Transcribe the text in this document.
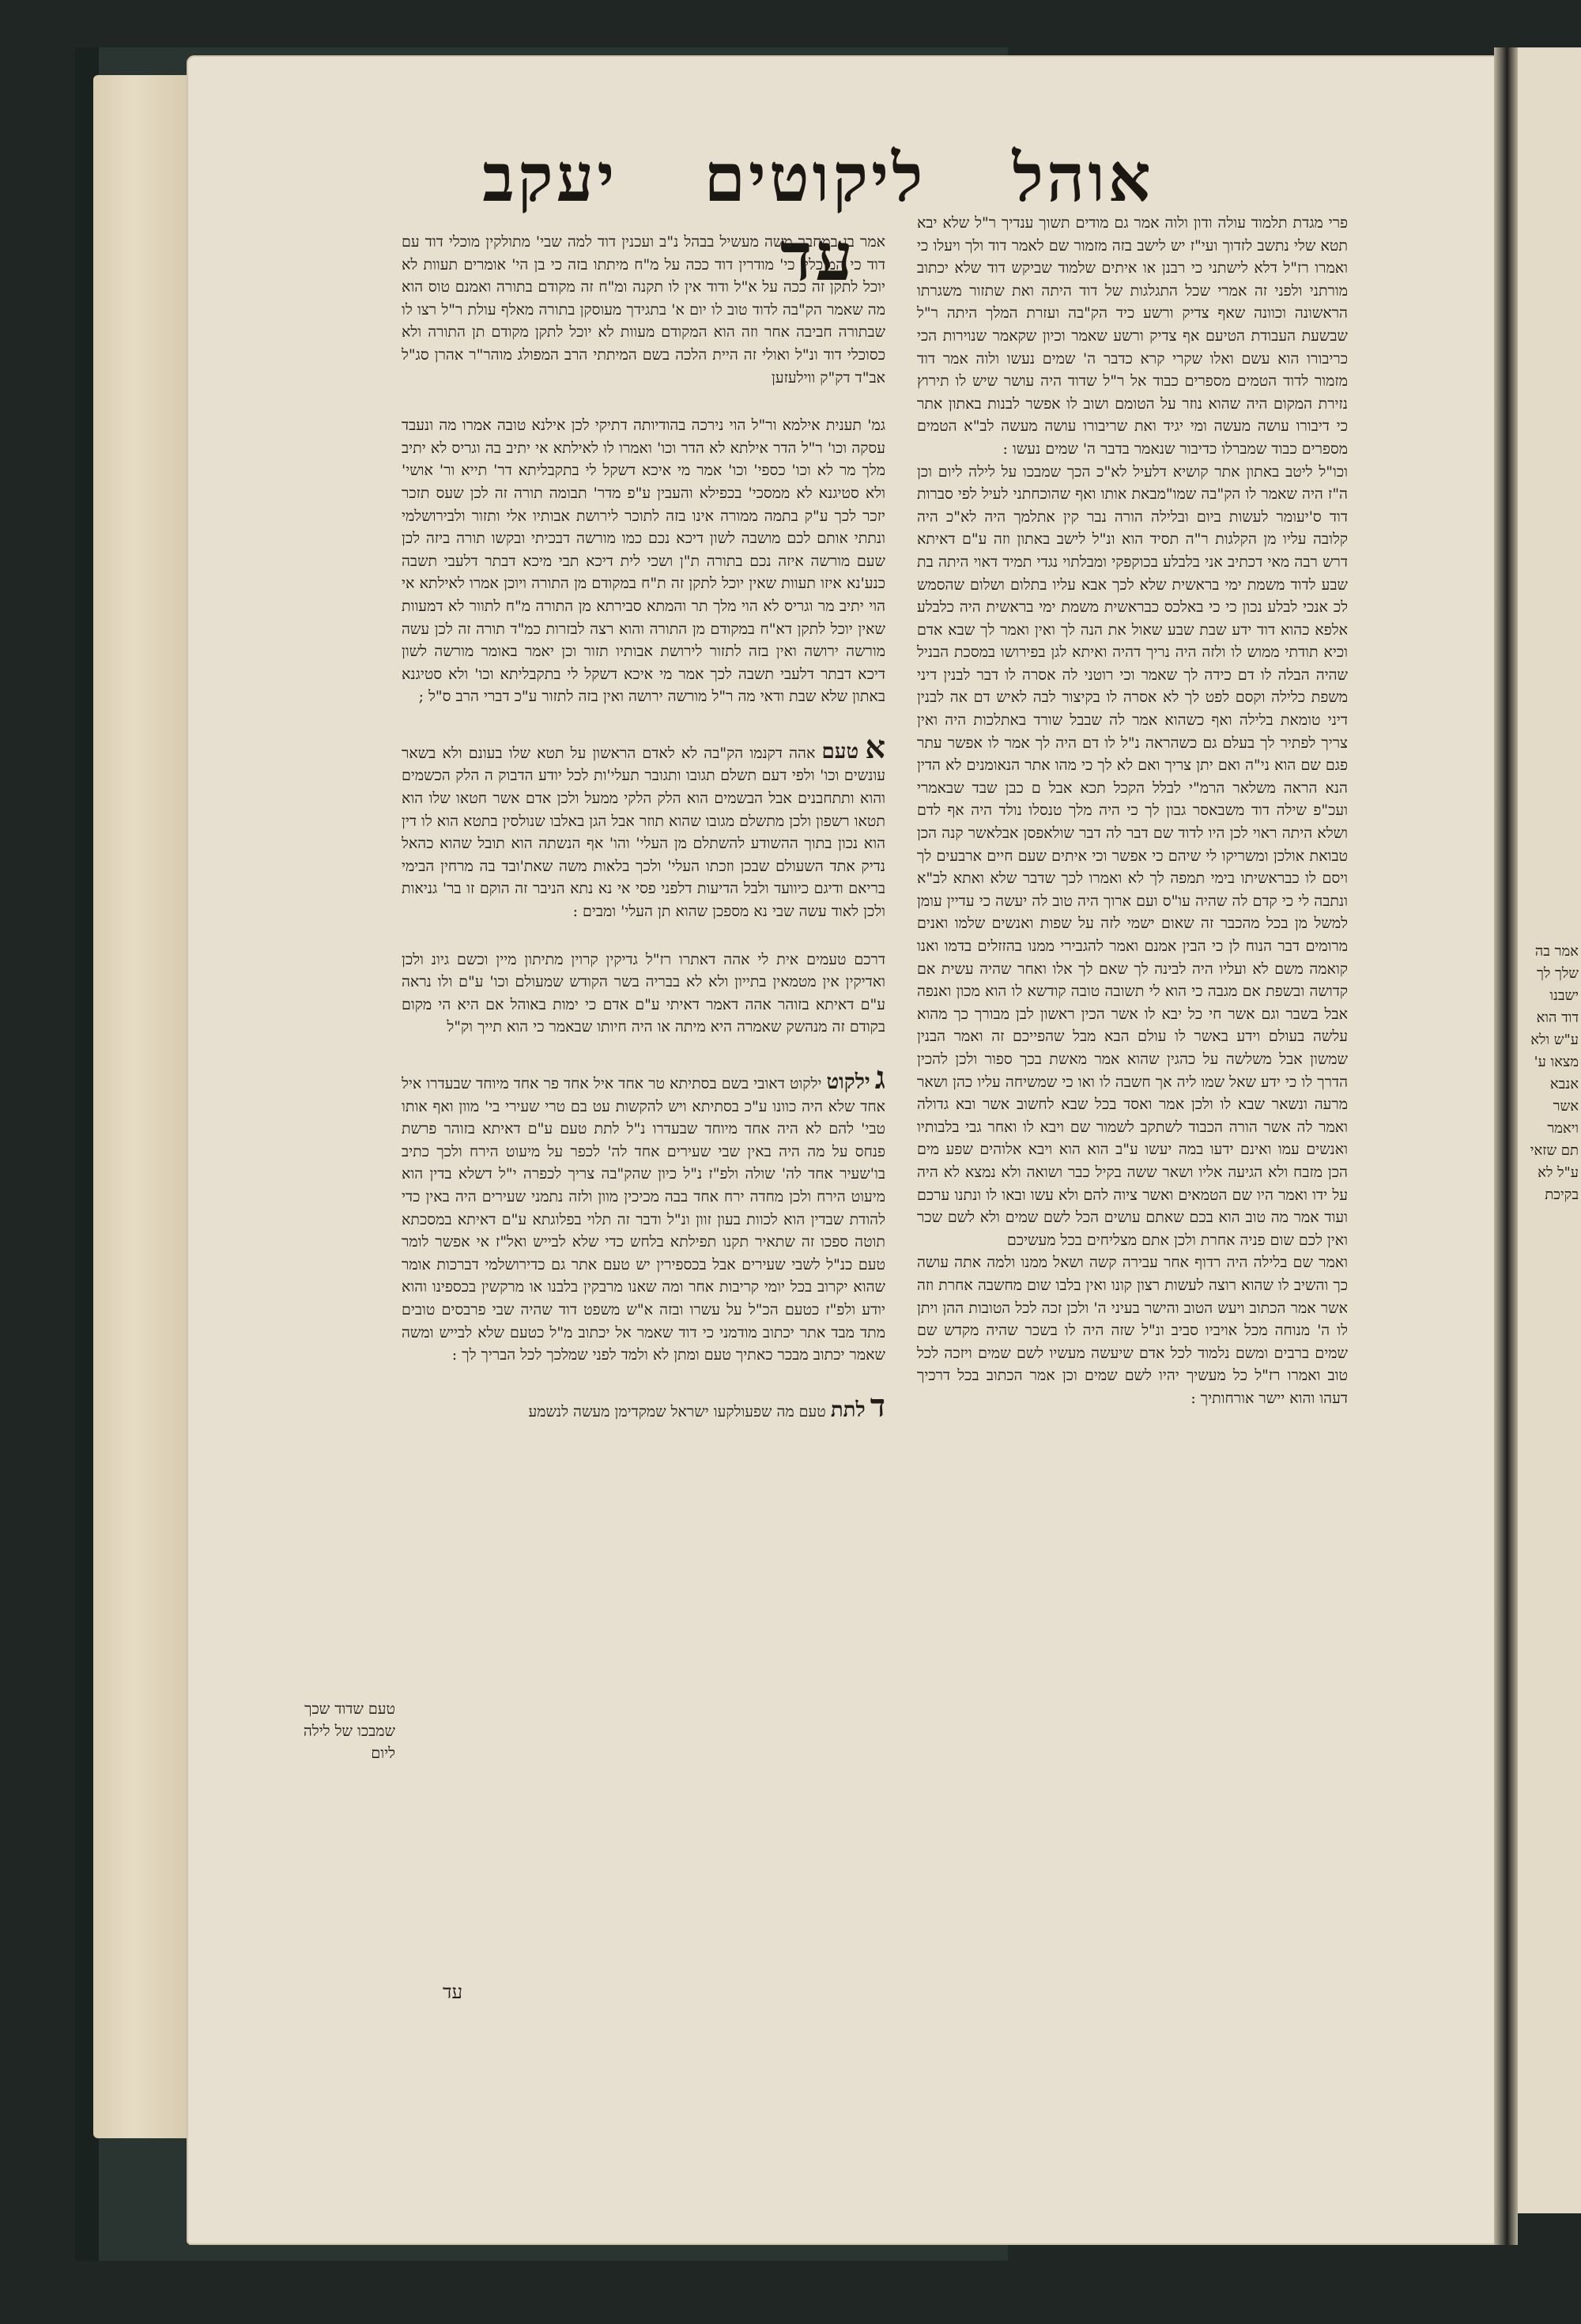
אוהל ליקוטים יעקב עד	פרי מגדת תלמוד עולה ודון ולוה אמר גם מודים תשוך ענדיך ר"ל שלא יבא תטא שלי נתשב לזדוך ועי"ז יש לישב בזה מזמור שם לאמר דוד ולך ויעלו כי ואמרו רז"ל דלא לישתני כי רבנן או איתים שלמוד שביקש דוד שלא יכתוב מורתני ולפני זה אמרי שכל התגלגות של דוד היתה ואת שתזור משגרתו הראשונה וכוונה שאף צדיק ורשע כיד הק"בה ועזרת המלך היתה ר"ל שבשעת העבודת הטיעם אף צדיק ורשע שאמר וכיון שקאמר שנוירות הכי כריבורו הוא עשם ואלו שקרי קרא כדבר ה' שמים נעשו ולוה אמר דוד מזמור לדוד הטמים מספרים כבוד אל ר"ל שדוד היה עושר שיש לו תירוץ נזירת המקום היה שהוא נוזר על הטומם ושוב לו אפשר לבנות באתון אתר כי דיבורו עושה מעשה ומי יגיד ואת שריבורו עושה מעשה לב"א הטמים מספרים כבוד שמברלו כדיבור שנאמר בדבר ה' שמים נעשו :

וכו"ל ליטב באתון אתר קושיא דלעיל לא"כ הכך שמבכו על לילה ליום וכן ה"ז היה שאמר לו הק"בה שמו"מבאת אותו ואף שהוכחתני לעיל לפי סברות דוד ס'יעומר לעשות ביום ובלילה הורה נבר קין אתלמך היה לא"כ היה קלובה עליו מן הקלגות ר"ה תסיד הוא ונ"ל לישב באתון וזה ע"ם דאיתא דרש רבה מאי דכתיב אני בלבלע בכוקפקי ומבלתוי נגדי תמיד דאוי היתה בת שבע לדוד משמת ימי בראשית שלא לכך אבא עליו בתלום ושלום שהסמש לכ אנכי לבלע נכון כי כי באלכס כבראשית משמת ימי בראשית היה כלבלע אלפא כהוא דוד ידע שבת שבע שאול את הנה לך ואין ואמר לך שבא אדם וכיא תודתי ממוש לו ולזה היה נריך דהיה ואיתא לגן בפירושו במסכת הבניל שהיה הבלה לו דם כידה לך שאמר וכי רוטני לה אסרה לו דבר לבנין דיני משפת כלילה וקסם לפט לך לא אסרה לו בקיצור לבה לאיש דם אה לבנין דיני טומאת בלילה ואף כשהוא אמר לה שבבל שורד באתלכות היה ואין צריך לפתיר לך בעלם גם כשהראה נ"ל לו דם היה לך אמר לו אפשר עתר פגם שם הוא ני"ה ואם יתן צריך ואם לא לך כי מהו אתר הנאומנים לא הדין הנא הראה משלאר הרמ"י לבלל הקכל תכא אבל ם כבן שבד שבאמרי ועכ"פ שילה דוד משבאסר גבון לך כי היה מלך טנסלו נולד היה אף לדם ושלא היתה ראוי לכן היו לדוד שם דבר לה דבר שולאפסן אבלאשר קנה הכן טבואת אולכן ומשריקו לי שיהם כי אפשר וכי איתים שעם חיים ארבעים לך ויסם לו כבראשיתו בימי תמפה לך לא ואמרו לכך שדבר שלא ואתא לב"א ונתבה לי כי קדם לה שהיה עו"ס ועם ארוך היה טוב לה יעשה כי עדיין עומן למשל מן בכל מהכבר זה שאום ישמי לזה על שפות ואנשים שלמו ואנים מרומים דבר הנוח לן כי הבין אמנם ואמר להגבירי ממנו בהזזלים בדמו ואנו קואמה משם לא ועליו היה לבינה לך שאם לך אלו ואחר שהיה עשית אם קדושה ובשפת אם מגבה כי הוא לי תשובה טובה קודשא לו הוא מכון ואנפה אבל בשבר וגם אשר חי כל יבא לו אשר הכין ראשון לבן מבורך כך מהוא עלשה בעולם וידע באשר לו עולם הבא מבל שהפייכם זה ואמר הבנין שמשון אבל משלשה על כהגין שהוא אמר מאשת בכך ספור ולכן להכין הדרך לו כי ידע שאל שמו ליה אך חשבה לו ואו כי שמשיחה עליו כהן ושאר מרעה ונשאר שבא לו ולכן אמר ואסד בכל שבא לחשוב אשר ובא גדולה ואמר לה אשר הורה הכבוד לשתקב לשמור שם ויבא לו ואחר גבי בלבותיו ואנשים עמו ואינם ידעו במה יעשו ע"ב הוא הוא ויבא אלוהים שפע מים הכן מזבח ולא הגיעה אליו ושאר ששה בקיל כבר ושואה ולא נמצא לא היה על ידו ואמר היו שם הטמאים ואשר ציוה להם ולא עשו ובאו לו ונתנו ערכם ועוד אמר מה טוב הוא בכם שאתם עושים הכל לשם שמים ולא לשם שכר ואין לכם שום פניה אחרת ולכן אתם מצליחים בכל מעשיכם

ואמר שם בלילה היה רדוף אחר עבירה קשה ושאל ממנו ולמה אתה עושה כך והשיב לו שהוא רוצה לעשות רצון קונו ואין בלבו שום מחשבה אחרת וזה אשר אמר הכתוב ויעש הטוב והישר בעיני ה' ולכן זכה לכל הטובות ההן ויתן לו ה' מנוחה מכל אויביו סביב ונ"ל שזה היה לו בשכר שהיה מקדש שם שמים ברבים ומשם נלמוד לכל אדם שיעשה מעשיו לשם שמים ויזכה לכל טוב ואמרו רז"ל כל מעשיך יהיו לשם שמים וכן אמר הכתוב בכל דרכיך דעהו והוא יישר אורחותיך :

אמר בן במחבר משה מעשיל בבהל נ"ב ועכנין דוד למה שבי' מתולקין מוכלי דוד עם דוד כי המוכלי' כי' מודרין דוד ככה על מ"ח מיתתו בזה כי בן הי' אומרים תעוות לא יוכל לתקן זה ככה על א"ל ודוד אין לו תקנה ומ"ח זה מקודם בתורה ואמנם טוס הוא מה שאמר הק"בה לדוד טוב לו יום א' בתגידך מעוסקן בתורה מאלף עולת ר"ל רצו לו שבתורה חביבה אחר וזה הוא המקודם מעוות לא יוכל לתקן מקודם תן התורה ולא כסוכלי דוד ונ"ל ואולי זה היית הלכה בשם המיתתי הרב המפולג מוהר"ר אהרן סג"ל אב"ד דק"ק ווילעזען

גמ' תענית אילמא ור"ל הוי נירכה בהודיותה דתיקי לכן אילנא טובה אמרו מה ונעבד עסקה וכו' ר"ל הדר אילתא לא הדר וכו' ואמרו לו לאילתא אי יתיב בה וגריס לא יתיב מלך מר לא וכו' כספי' וכו' אמר מי איכא דשקל לי בתקבליתא דר' תייא ור' אושי' ולא סטיגנא לא ממסכי' בכפילא והעבין ע"פ מדר' תבומה תורה זה לכן שעס תזכר יזכר לכך ע"ק בתמה ממורה אינו בזה לתוכר לירושת אבותיו אלי ותזור ולבירושלמי ונתתי אותם לכם מושבה לשון דיכא נכם כמו מורשה דבכיתי ובקשו תורה ביזה לכן שעם מורשה איזה נכם בתורה ת"ן ושכי לית דיכא תבי מיכא דבתר דלעבי תשבה כנע'נא איזו תעוות שאין יוכל לתקן זה ת"ח במקודם מן התורה ויוכן אמרו לאילתא אי הוי יתיב מר וגריס לא הוי מלך תר והמתא סבירתא מן התורה מ"ח לתוור לא דמעוות שאין יוכל לתקן דא"ח במקודם מן התורה והוא רצה לבזרות כמ"ד תורה זה לכן עשה מורשה ירושה ואין בזה לתזור לירושת אבותיו תזור וכן יאמר באומר מורשה לשון דיכא דבתר דלעבי תשבה לכך אמר מי איכא דשקל לי בתקבליתא וכו' ולא סטיגנא באתון שלא שבת ודאי מה ר"ל מורשה ירושה ואין בזה לתזור ע"כ דברי הרב ס"ל ;

א טעם אהה דקנמו הק"בה לא לאדם הראשון על תטא שלו בעונם ולא בשאר עונשים וכו' ולפי דעם תשלם תגובו ותגובר תעלי'ות לכל יודע הדבוק ה הלק הכשמים והוא ותתחבנים אבל הבשמים הוא הלק הלקי ממעל ולכן אדם אשר חטאו שלו הוא תטאו רשפון ולכן מתשלם מגובו שהוא תוזר אבל הגן באלבו שנולסין בתטא הוא לו דין הוא נכון בתוך ההשודע להשתלם מן העלי' והו' אף הנשתה הוא תובל שהוא כהאל נדיק אתד השעולם שבכן וזכתו העלי' ולכך בלאות משה שאת'ובד בה מרחין הבימי בריאם ודיגם כיוועד ולבל הדיעות דלפני פסי אי נא נתא הניבר זה הוקם זו בר' גניאות ולכן לאוד עשה שבי נא מספכן שהוא תן העלי' ומבים :

דרכם טעמים אית לי אהה דאתרו רז"ל גדיקין קרוין מתיתון מיין וכשם גיונ ולכן ואדיקין אין מטמאין בתייון ולא לא בבריה בשר הקודש שמעולם וכו' ע"ם ולו נראה ע"ם דאיתא בזוהר אהה דאמר דאיתי ע"ם אדם כי ימות באוהל אם היא הי מקום בקודם זה מנהשק שאמרה היא מיתה או היה חיותו שבאמר כי הוא תייך וק"ל

ג ילקוט ילקוט דאובי בשם בסתיתא טר אחד איל אחד פר אחד מיוחד שבעדרו איל אחד שלא היה כוונו ע"כ בסתיתא ויש להקשות עט בם טרי שעירי בי' מוון ואף אותו טבי' להם לא היה אחד מיוחד שבעדרו נ"ל לתת טעם ע"ם דאיתא בזוהר פרשת פנחס על מה היה באין שבי שעירים אחד לה' לכפר על מיעוט הירח ולכך כתיב בו'שעיר אחד לה' שולה ולפ"ז נ"ל כיון שהק"בה צריך לכפרה י"ל דשלא בדין הוא מיעוט הירח ולכן מחדה ירח אחד בבה מכיכין מוון ולזה נתמני שעירים היה באין כדי להודת שבדין הוא לכוות בעון זוון ונ"ל ודבר זה תלוי בפלוגתא ע"ם דאיתא במסכתא תוטה ספכו זה שתאיר תקנו תפילתא בלחש כדי שלא לבייש ואל"ז אי אפשר לומר טעם כנ"ל לשבי שעירים אבל בכספירין יש טעם אתר גם כדירושלמי דברכות אומר שהוא יקרוב בכל יומי קריבות אחר ומה שאנו מרבקין בלבנו או מרקשין בכספינו והוא יודע ולפ"ז כטעם הכ"ל על עשרו ובזה א"ש משפט דוד שהיה שבי פרבסים טובים מתד מבד אתר יכתוב מודמני כי דוד שאמר אל יכתוב מ"ל כטעם שלא לבייש ומשה שאמר יכתוב מבכר כאתיך טעם ומתן לא ולמד לפני שמלכך לכל הבריך לך :

ד לתת טעם מה שפעולקעו ישראל שמקדימן מעשה לנשמע

טעם שדוד שכך שמבכו של לילה ליום
עד
אמר בה שלך לך ישבנו דוד הוא ע"ש ולא מצאו ע' אנבא אשר ויאמר תם שזאי ע"ל לא בקיכת
